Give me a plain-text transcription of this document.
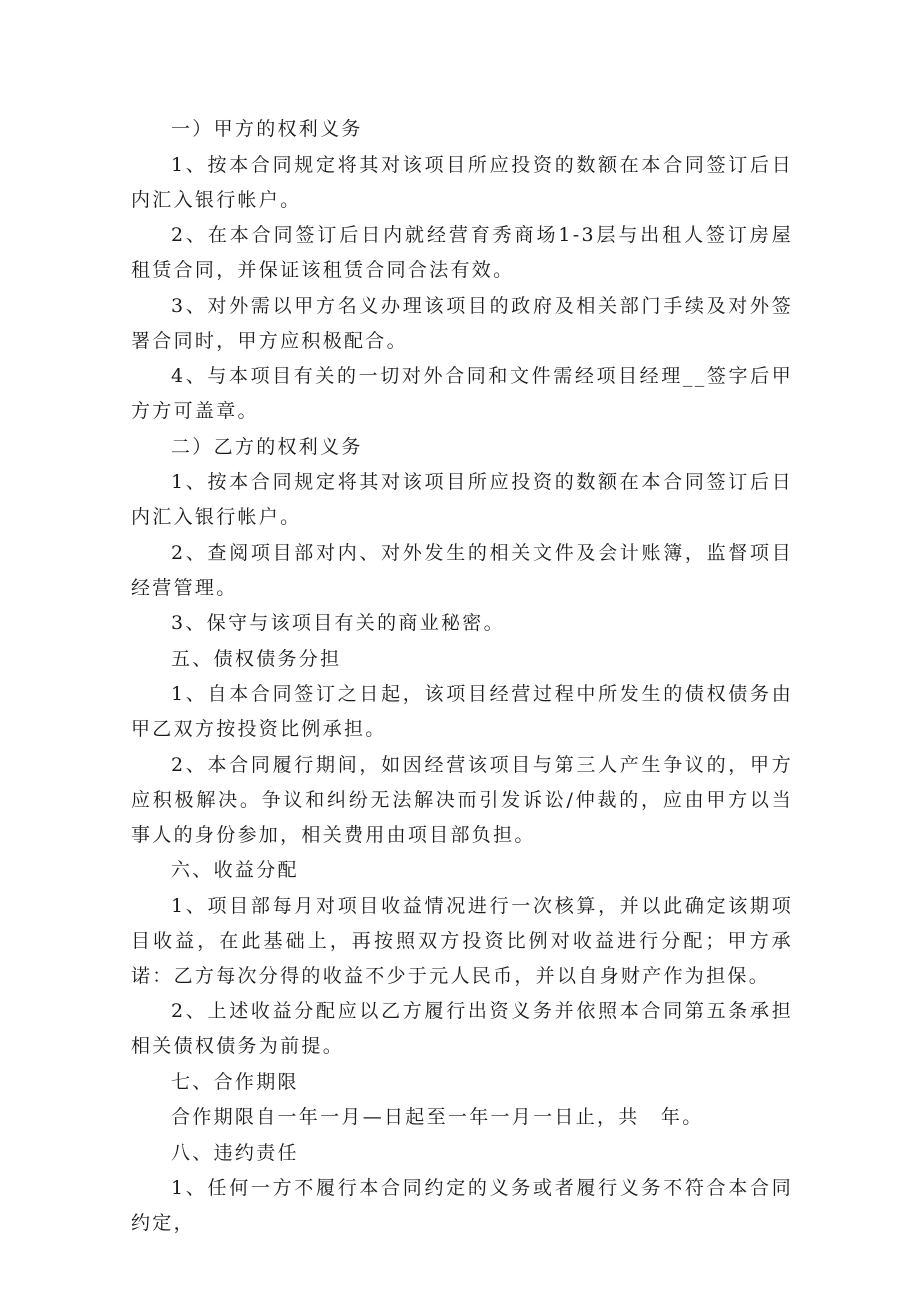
一）甲方的权利义务

1、按本合同规定将其对该项目所应投资的数额在本合同签订后日内汇入银行帐户。

2、在本合同签订后日内就经营育秀商场1-3层与出租人签订房屋租赁合同，并保证该租赁合同合法有效。

3、对外需以甲方名义办理该项目的政府及相关部门手续及对外签署合同时，甲方应积极配合。

4、与本项目有关的一切对外合同和文件需经项目经理__签字后甲方方可盖章。

二）乙方的权利义务

1、按本合同规定将其对该项目所应投资的数额在本合同签订后日内汇入银行帐户。

2、查阅项目部对内、对外发生的相关文件及会计账簿，监督项目经营管理。

3、保守与该项目有关的商业秘密。

五、债权债务分担

1、自本合同签订之日起，该项目经营过程中所发生的债权债务由甲乙双方按投资比例承担。

2、本合同履行期间，如因经营该项目与第三人产生争议的，甲方应积极解决。争议和纠纷无法解决而引发诉讼/仲裁的，应由甲方以当事人的身份参加，相关费用由项目部负担。

六、收益分配

1、项目部每月对项目收益情况进行一次核算，并以此确定该期项目收益，在此基础上，再按照双方投资比例对收益进行分配；甲方承诺：乙方每次分得的收益不少于元人民币，并以自身财产作为担保。

2、上述收益分配应以乙方履行出资义务并依照本合同第五条承担相关债权债务为前提。

七、合作期限

合作期限自一年一月—日起至一年一月一日止，共　年。

八、违约责任

1、任何一方不履行本合同约定的义务或者履行义务不符合本合同约定，
